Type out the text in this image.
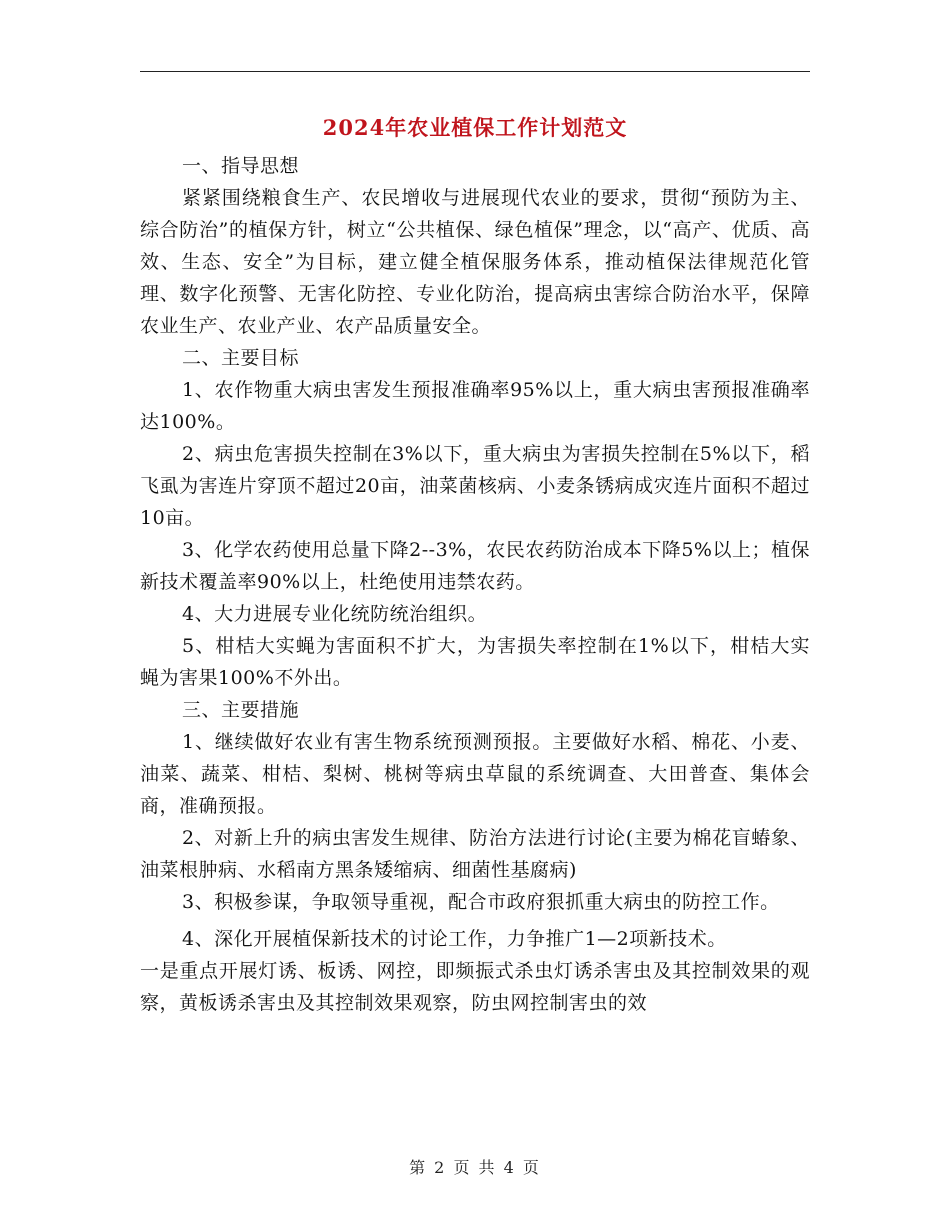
2024年农业植保工作计划范文

一、指导思想

紧紧围绕粮食生产、农民增收与进展现代农业的要求，贯彻“预防为主、综合防治”的植保方针，树立“公共植保、绿色植保”理念，以“高产、优质、高效、生态、安全”为目标，建立健全植保服务体系，推动植保法律规范化管理、数字化预警、无害化防控、专业化防治，提高病虫害综合防治水平，保障农业生产、农业产业、农产品质量安全。

二、主要目标

1、农作物重大病虫害发生预报准确率95%以上，重大病虫害预报准确率达100%。

2、病虫危害损失控制在3%以下，重大病虫为害损失控制在5%以下，稻飞虱为害连片穿顶不超过20亩，油菜菌核病、小麦条锈病成灾连片面积不超过10亩。

3、化学农药使用总量下降2--3%，农民农药防治成本下降5%以上；植保新技术覆盖率90%以上，杜绝使用违禁农药。

4、大力进展专业化统防统治组织。

5、柑桔大实蝇为害面积不扩大，为害损失率控制在1%以下，柑桔大实蝇为害果100%不外出。

三、主要措施

1、继续做好农业有害生物系统预测预报。主要做好水稻、棉花、小麦、油菜、蔬菜、柑桔、梨树、桃树等病虫草鼠的系统调查、大田普查、集体会商，准确预报。

2、对新上升的病虫害发生规律、防治方法进行讨论(主要为棉花盲蝽象、油菜根肿病、水稻南方黑条矮缩病、细菌性基腐病)

3、积极参谋，争取领导重视，配合市政府狠抓重大病虫的防控工作。

4、深化开展植保新技术的讨论工作，力争推广1—2项新技术。

一是重点开展灯诱、板诱、网控，即频振式杀虫灯诱杀害虫及其控制效果的观察，黄板诱杀害虫及其控制效果观察，防虫网控制害虫的效

第 2 页 共 4 页
